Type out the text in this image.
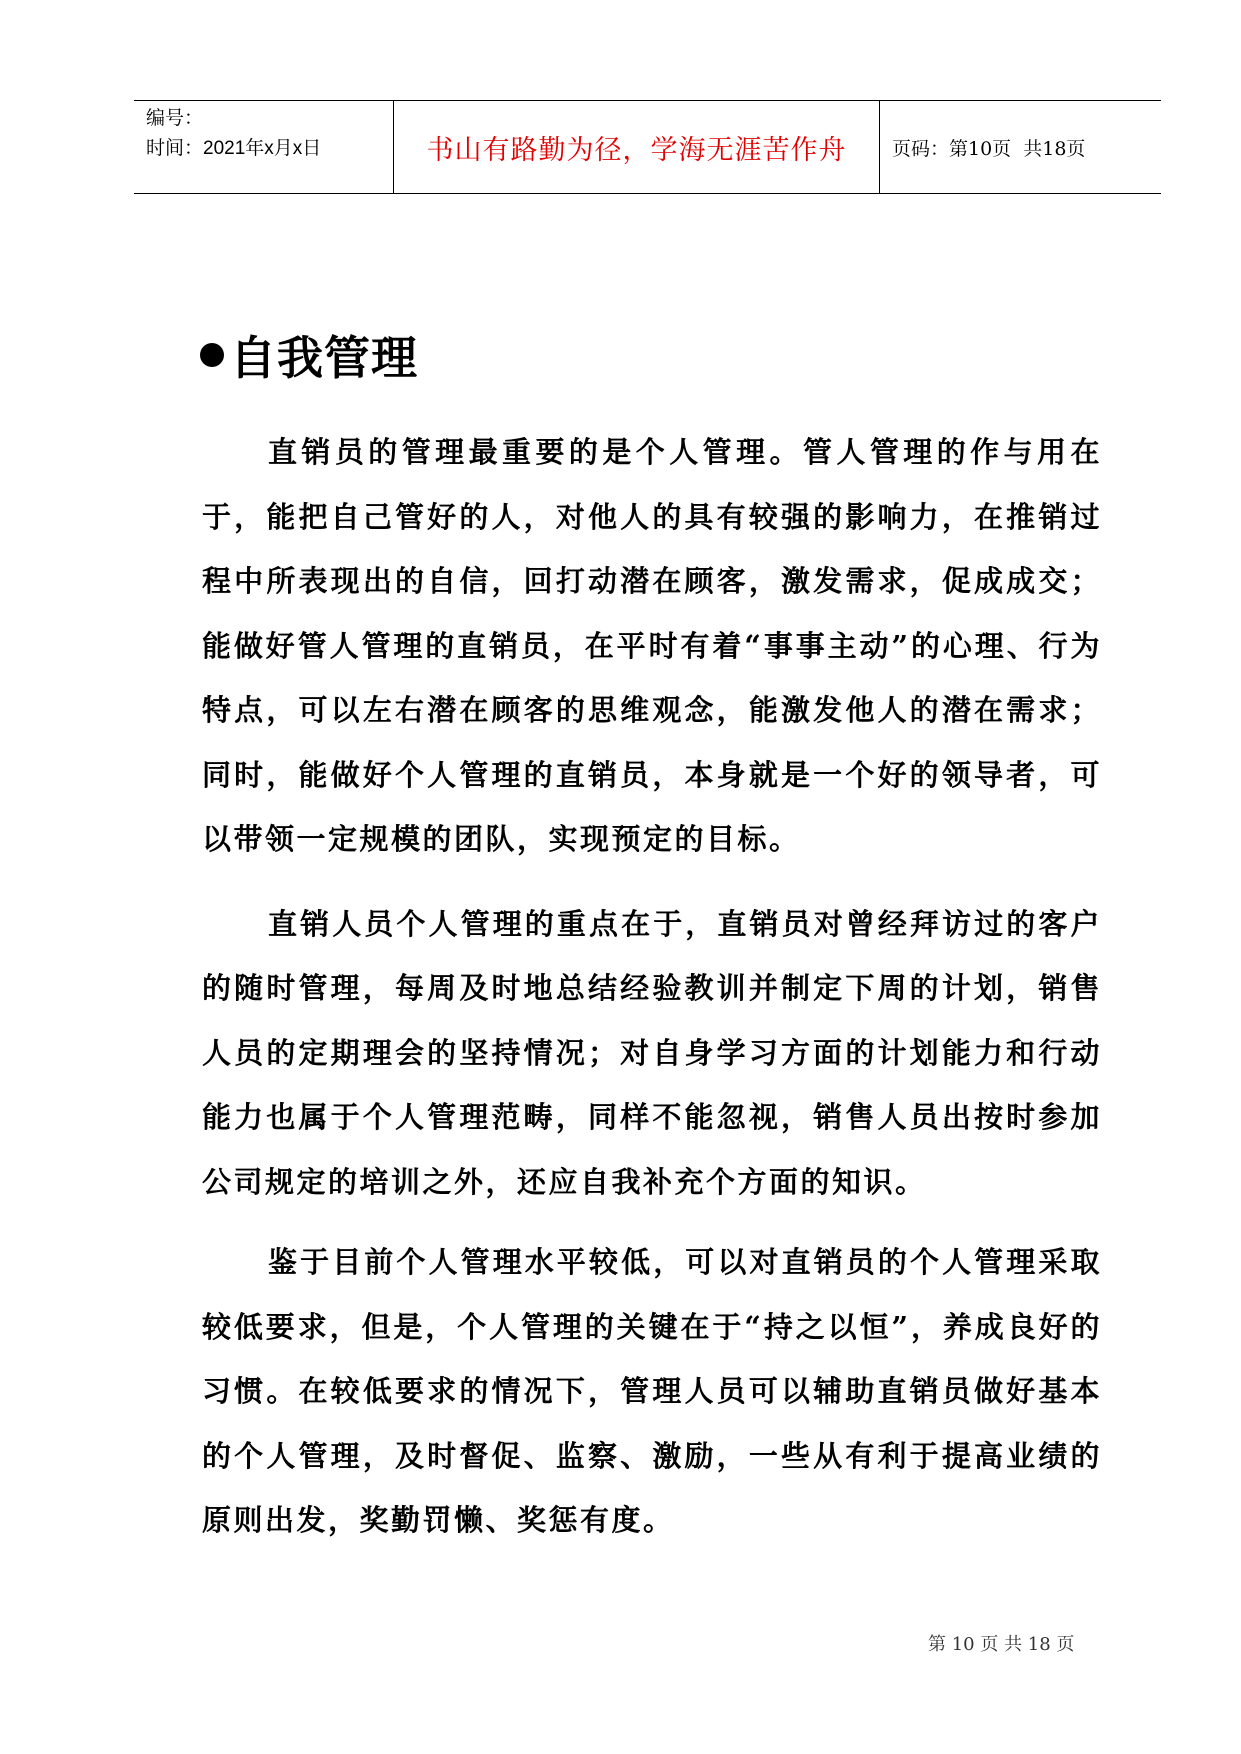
编号：
时间：2021年x月x日	书山有路勤为径，学海无涯苦作舟	页码：第10页  共18页
自我管理

直销员的管理最重要的是个人管理。管人管理的作与用在于，能把自己管好的人，对他人的具有较强的影响力，在推销过程中所表现出的自信，回打动潜在顾客，激发需求，促成成交；能做好管人管理的直销员，在平时有着“事事主动”的心理、行为特点，可以左右潜在顾客的思维观念，能激发他人的潜在需求；同时，能做好个人管理的直销员，本身就是一个好的领导者，可以带领一定规模的团队，实现预定的目标。

直销人员个人管理的重点在于，直销员对曾经拜访过的客户的随时管理，每周及时地总结经验教训并制定下周的计划，销售人员的定期理会的坚持情况；对自身学习方面的计划能力和行动能力也属于个人管理范畴，同样不能忽视，销售人员出按时参加公司规定的培训之外，还应自我补充个方面的知识。

鉴于目前个人管理水平较低，可以对直销员的个人管理采取较低要求，但是，个人管理的关键在于“持之以恒”，养成良好的习惯。在较低要求的情况下，管理人员可以辅助直销员做好基本的个人管理，及时督促、监察、激励，一些从有利于提高业绩的原则出发，奖勤罚懒、奖惩有度。

第 10 页 共 18 页
